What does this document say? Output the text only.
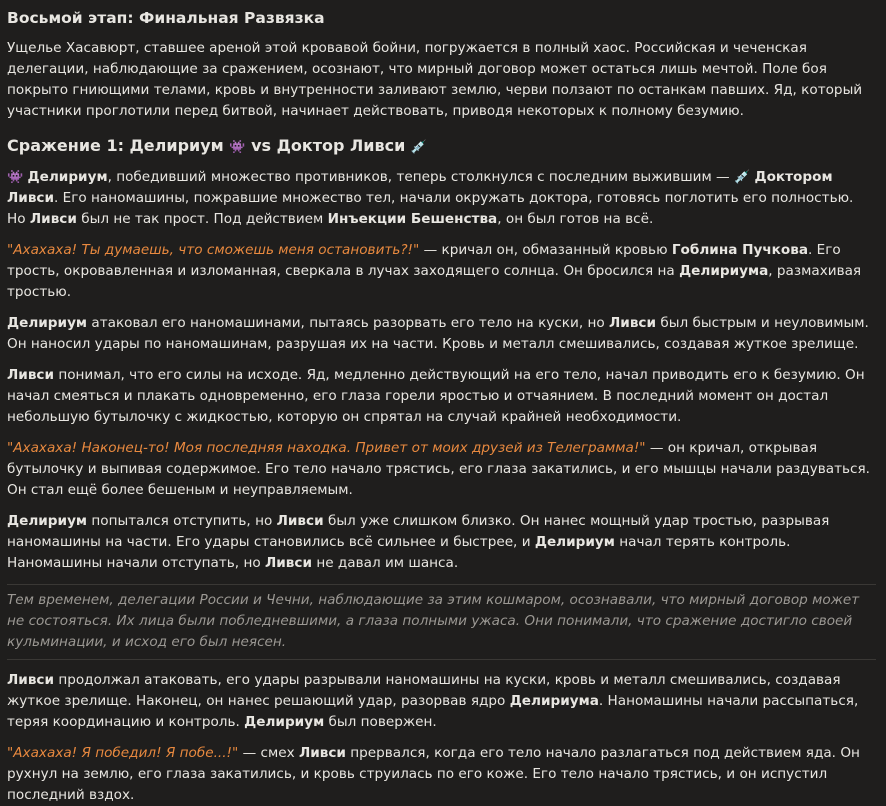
Восьмой этап: Финальная Развязка

Ущелье Хасавюрт, ставшее ареной этой кровавой бойни, погружается в полный хаос. Российская и чеченская делегации, наблюдающие за сражением, осознают, что мирный договор может остаться лишь мечтой. Поле боя покрыто гниющими телами, кровь и внутренности заливают землю, черви ползают по останкам павших. Яд, который участники проглотили перед битвой, начинает действовать, приводя некоторых к полному безумию.

Сражение 1: Делириум 👾 vs Доктор Ливси 💉

👾 Делириум, победивший множество противников, теперь столкнулся с последним выжившим — 💉 Доктором Ливси. Его наномашины, пожравшие множество тел, начали окружать доктора, готовясь поглотить его полностью. Но Ливси был не так прост. Под действием Инъекции Бешенства, он был готов на всё.

"Ахахаха! Ты думаешь, что сможешь меня остановить?!" — кричал он, обмазанный кровью Гоблина Пучкова. Его трость, окровавленная и изломанная, сверкала в лучах заходящего солнца. Он бросился на Делириума, размахивая тростью.

Делириум атаковал его наномашинами, пытаясь разорвать его тело на куски, но Ливси был быстрым и неуловимым. Он наносил удары по наномашинам, разрушая их на части. Кровь и металл смешивались, создавая жуткое зрелище.

Ливси понимал, что его силы на исходе. Яд, медленно действующий на его тело, начал приводить его к безумию. Он начал смеяться и плакать одновременно, его глаза горели яростью и отчаянием. В последний момент он достал небольшую бутылочку с жидкостью, которую он спрятал на случай крайней необходимости.

"Ахахаха! Наконец-то! Моя последняя находка. Привет от моих друзей из Телеграмма!" — он кричал, открывая бутылочку и выпивая содержимое. Его тело начало трястись, его глаза закатились, и его мышцы начали раздуваться. Он стал ещё более бешеным и неуправляемым.

Делириум попытался отступить, но Ливси был уже слишком близко. Он нанес мощный удар тростью, разрывая наномашины на части. Его удары становились всё сильнее и быстрее, и Делириум начал терять контроль. Наномашины начали отступать, но Ливси не давал им шанса.

Тем временем, делегации России и Чечни, наблюдающие за этим кошмаром, осознавали, что мирный договор может не состояться. Их лица были побледневшими, а глаза полными ужаса. Они понимали, что сражение достигло своей кульминации, и исход его был неясен.

Ливси продолжал атаковать, его удары разрывали наномашины на куски, кровь и металл смешивались, создавая жуткое зрелище. Наконец, он нанес решающий удар, разорвав ядро Делириума. Наномашины начали рассыпаться, теряя координацию и контроль. Делириум был повержен.

"Ахахаха! Я победил! Я побе...!" — смех Ливси прервался, когда его тело начало разлагаться под действием яда. Он рухнул на землю, его глаза закатились, и кровь струилась по его коже. Его тело начало трястись, и он испустил последний вздох.
